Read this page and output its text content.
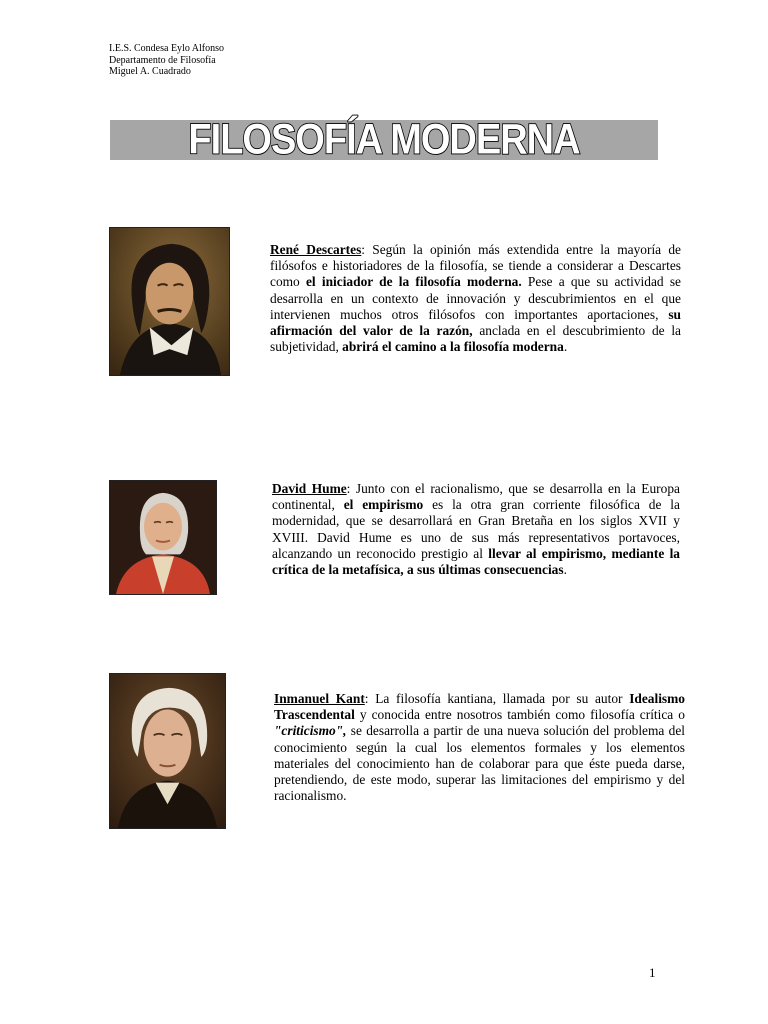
I.E.S. Condesa Eylo Alfonso
Departamento de Filosofía
Miguel A. Cuadrado
FILOSOFÍA MODERNA
René Descartes: Según la opinión más extendida entre la mayoría de filósofos e historiadores de la filosofía, se tiende a considerar a Descartes como el iniciador de la filosofía moderna. Pese a que su actividad se desarrolla en un contexto de innovación y descubrimientos en el que intervienen muchos otros filósofos con importantes aportaciones, su afirmación del valor de la razón, anclada en el descubrimiento de la subjetividad, abrirá el camino a la filosofía moderna.
David Hume: Junto con el racionalismo, que se desarrolla en la Europa continental, el empirismo es la otra gran corriente filosófica de la modernidad, que se desarrollará en Gran Bretaña en los siglos XVII y XVIII. David Hume es uno de sus más representativos portavoces, alcanzando un reconocido prestigio al llevar al empirismo, mediante la crítica de la metafísica, a sus últimas consecuencias.
Inmanuel Kant: La filosofía kantiana, llamada por su autor Idealismo Trascendental y conocida entre nosotros también como filosofía crítica o "criticismo", se desarrolla a partir de una nueva solución del problema del conocimiento según la cual los elementos formales y los elementos materiales del conocimiento han de colaborar para que éste pueda darse, pretendiendo, de este modo, superar las limitaciones del empirismo y del racionalismo.
1
